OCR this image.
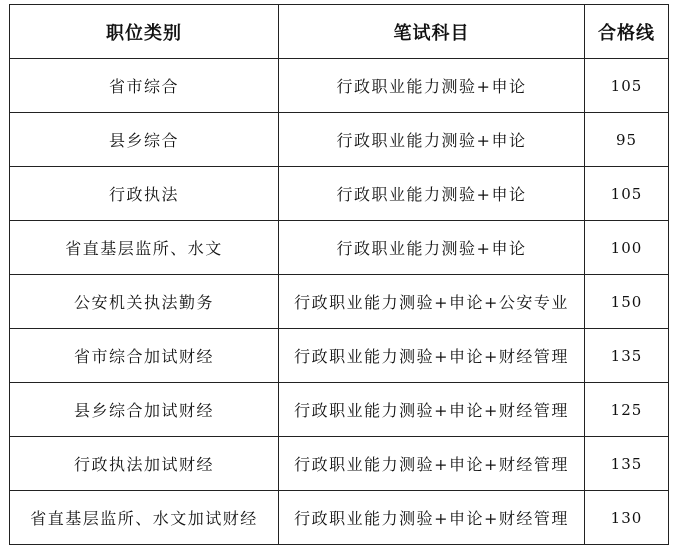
职位类别	笔试科目	合格线
省市综合	行政职业能力测验+申论	105
县乡综合	行政职业能力测验+申论	95
行政执法	行政职业能力测验+申论	105
省直基层监所、水文	行政职业能力测验+申论	100
公安机关执法勤务	行政职业能力测验+申论+公安专业	150
省市综合加试财经	行政职业能力测验+申论+财经管理	135
县乡综合加试财经	行政职业能力测验+申论+财经管理	125
行政执法加试财经	行政职业能力测验+申论+财经管理	135
省直基层监所、水文加试财经	行政职业能力测验+申论+财经管理	130
